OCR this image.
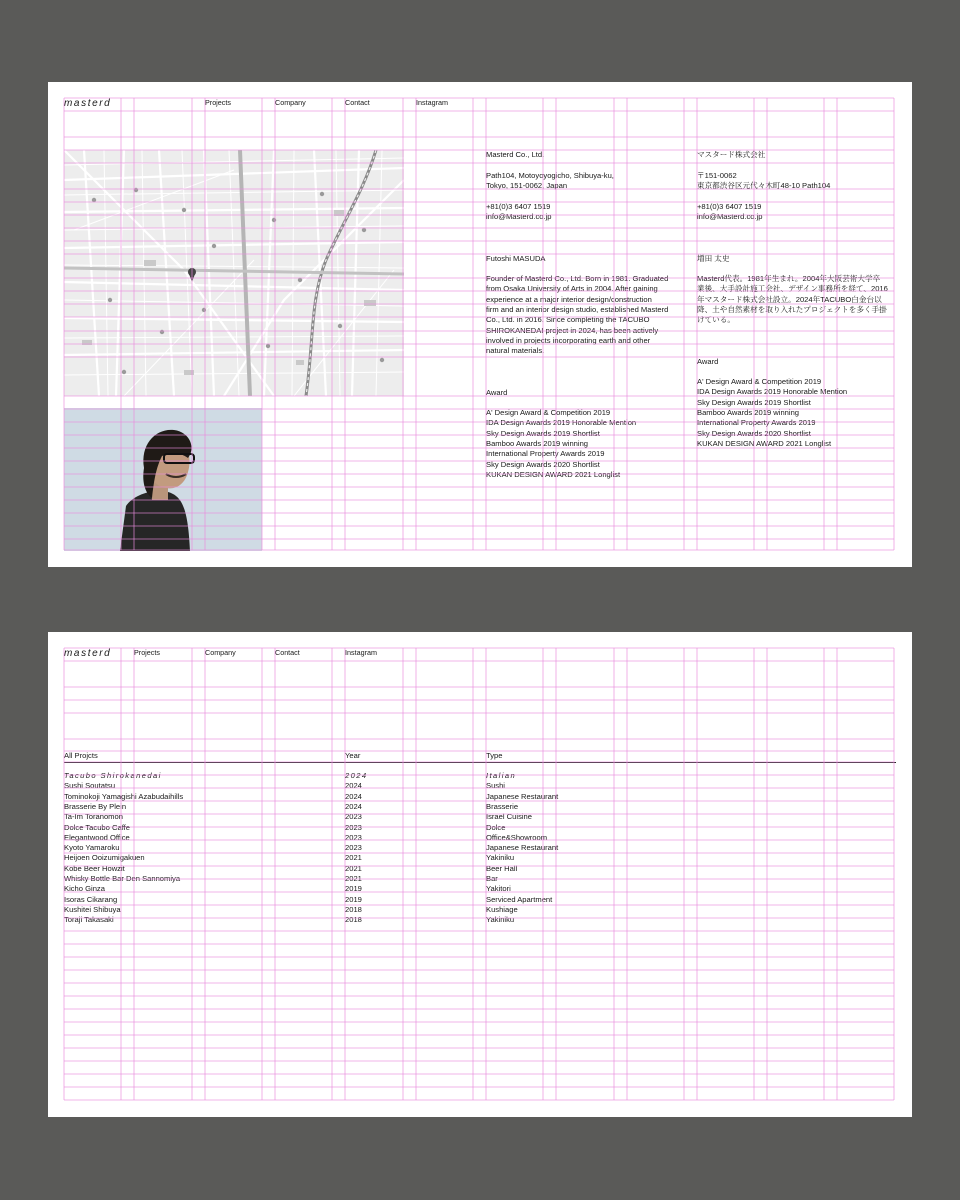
masterd	Projects	Company	Contact	Instagram
Masterd Co., Ltd.
Path104, Motoyoyogicho, Shibuya-ku,
Tokyo, 151-0062, Japan
+81(0)3 6407 1519
info@Masterd.co.jp
マスタード株式会社
〒151-0062
東京都渋谷区元代々木町48-10 Path104
+81(0)3 6407 1519
info@Masterd.co.jp
Futoshi MASUDA
Founder of Masterd Co., Ltd. Born in 1981. Graduated
from Osaka University of Arts in 2004. After gaining
experience at a major interior design/construction
firm and an interior design studio, established Masterd
Co., Ltd. in 2016. Since completing the TACUBO
SHIROKANEDAI project in 2024, has been actively
involved in projects incorporating earth and other
natural materials.
増田 太史
Masterd代表。1981年生まれ。2004年大阪芸術大学卒
業後、大手設計施工会社、デザイン事務所を経て、2016
年マスタード株式会社設立。2024年TACUBO白金台以
降、土や自然素材を取り入れたプロジェクトを多く手掛
けている。
Award
A' Design Award & Competition 2019
IDA Design Awards 2019 Honorable Mention
Sky Design Awards 2019 Shortlist
Bamboo Awards 2019 winning
International Property Awards 2019
Sky Design Awards 2020 Shortlist
KUKAN DESIGN AWARD 2021 Longlist
Award
A' Design Award & Competition 2019
IDA Design Awards 2019 Honorable Mention
Sky Design Awards 2019 Shortlist
Bamboo Awards 2019 winning
International Property Awards 2019
Sky Design Awards 2020 Shortlist
KUKAN DESIGN AWARD 2021 Longlist
masterd	Projects	Company	Contact	Instagram
All Projcts	Year	Type
Tacubo Shirokanedai	2024	Italian
Sushi Soutatsu	2024	Sushi
Tominokoji Yamagishi Azabudaihills	2024	Japanese Restaurant
Brasserie By Plein	2024	Brasserie
Ta-Im Toranomon	2023	Israel Cuisine
Dolce Tacubo Caffe	2023	Dolce
Elegantwood Office	2023	Office&Showroom
Kyoto Yamaroku	2023	Japanese Restaurant
Heijoen Ooizumigakuen	2021	Yakiniku
Kobe Beer Howzit	2021	Beer Hall
Whisky Bottle Bar Den Sannomiya	2021	Bar
Kicho Ginza	2019	Yakitori
Isoras Cikarang	2019	Serviced Apartment
Kushitei Shibuya	2018	Kushiage
Toraji Takasaki	2018	Yakiniku
